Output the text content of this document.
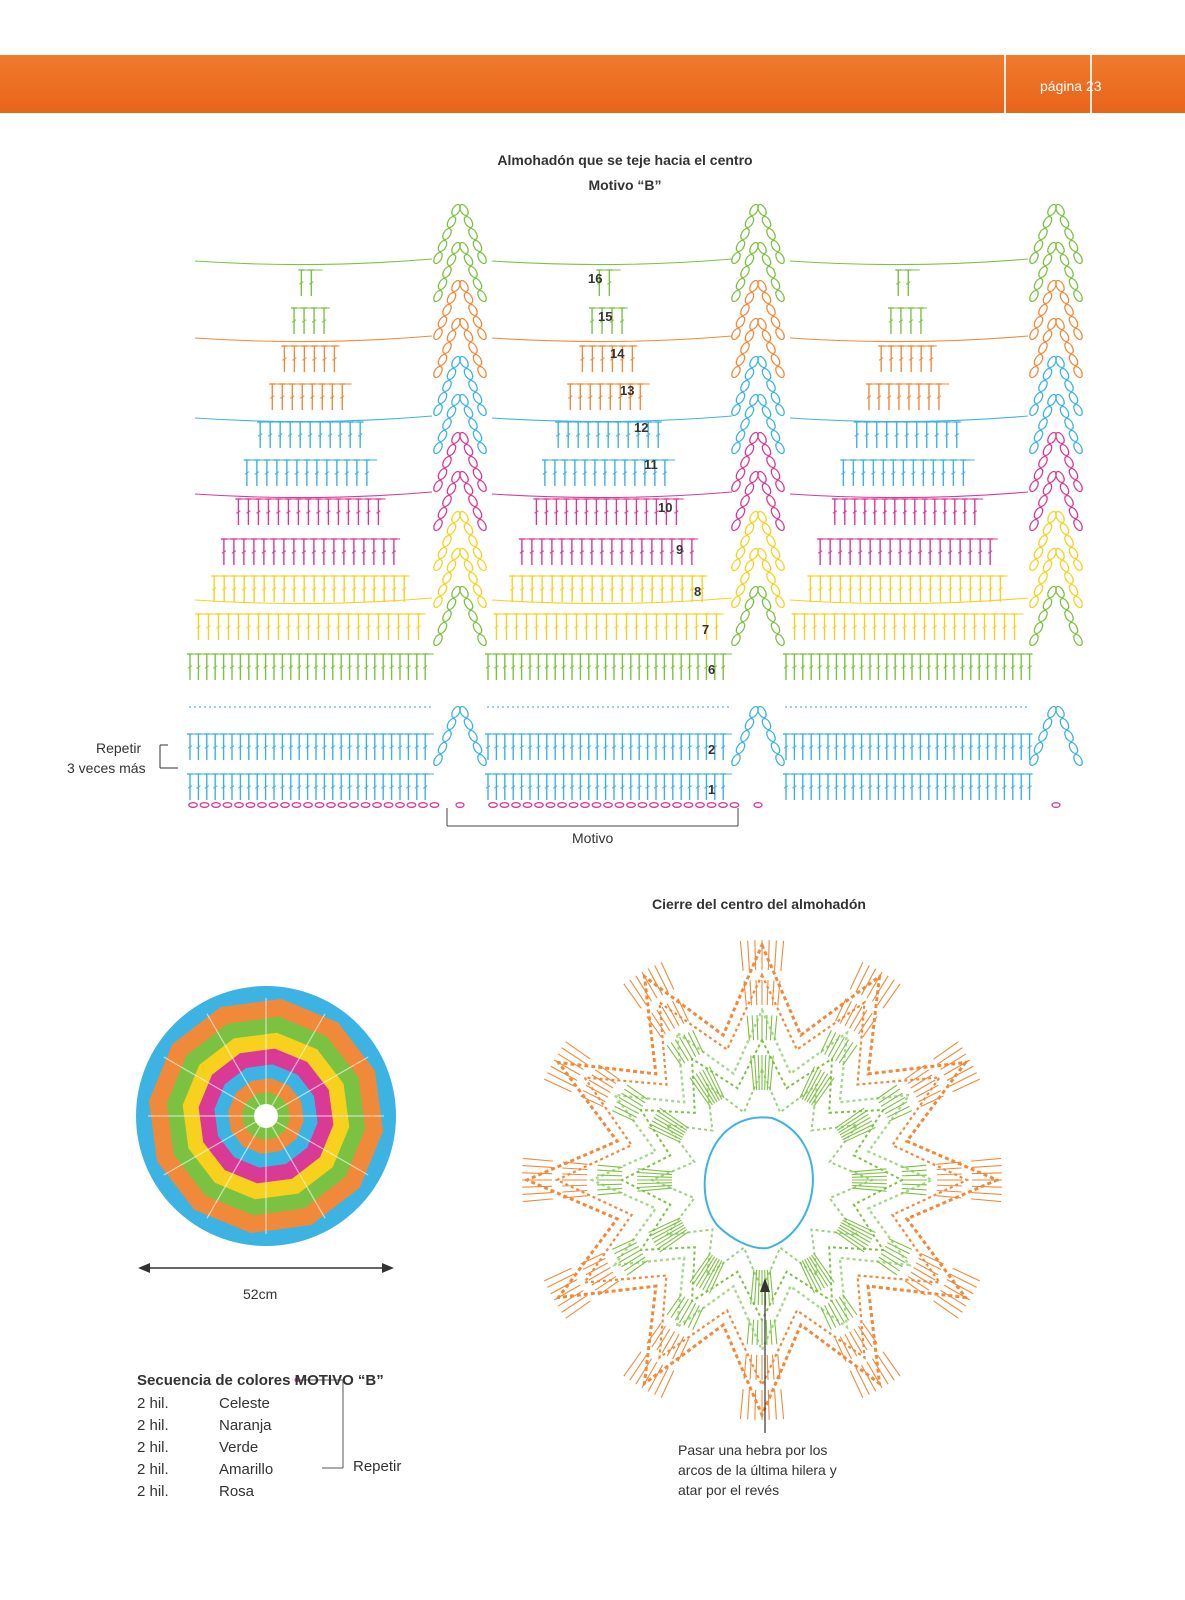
página 23
Almohadón que se teje hacia el centro
Motivo “B”
1
2
6
7
8
9
10
11
12
13
14
15
16
Repetir
3 veces más
Motivo
52cm
Cierre del centro del almohadón
Pasar una hebra por los
arcos de la última hilera y
atar por el revés
Secuencia de colores MOTIVO “B”
2 hil.	Celeste
2 hil.	Naranja
2 hil.	Verde
2 hil.	Amarillo
2 hil.	Rosa
Repetir
